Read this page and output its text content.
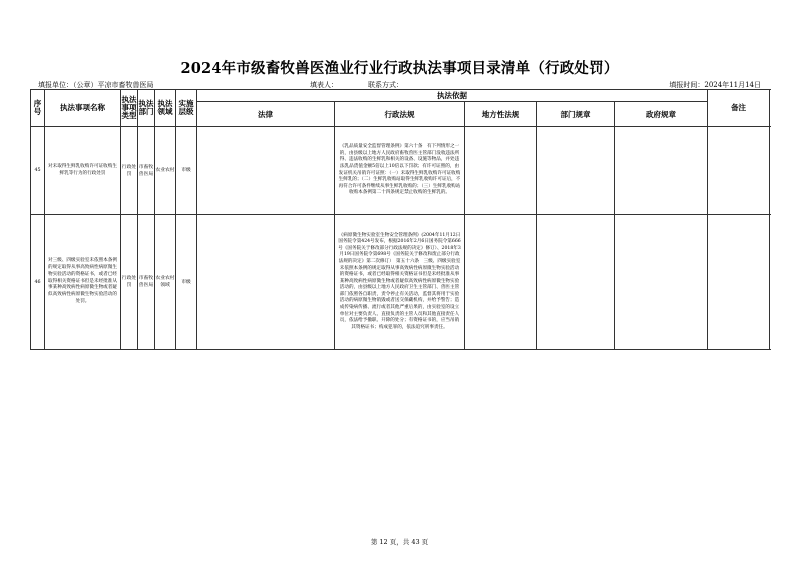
2024年市级畜牧兽医渔业行业行政执法事项目录清单（行政处罚）
填报单位：（公章）平凉市畜牧兽医局	填表人：	联系方式：	填报时间：2024年11月14日
序号	执法事项名称	执法事项类型	执法部门	执法领域	实施层级	执法依据					备注
						法律	行政法规	地方性法规	部门规章	政府规章	
45	对未取得生鲜乳收购许可证收购生鲜乳等行为的行政处罚	行政处罚	市畜牧兽医局	农业农村	市级		《乳品质量安全监督管理条例》第六十条　有下列情形之一的，由县级以上地方人民政府畜牧兽医主管部门没收违法所得、违法收购的生鲜乳和相关的设备、设施等物品，并处违法乳品货值金额5倍以上10倍以下罚款；有许可证照的，由发证机关吊销许可证照：（一）未取得生鲜乳收购许可证收购生鲜乳的；（二）生鲜乳收购站取得生鲜乳收购许可证后，不再符合许可条件继续从事生鲜乳收购的；（三）生鲜乳收购站收购本条例第二十四条规定禁止收购的生鲜乳的。				
46	对三级、四级实验室未依照本条例的规定取得从事高致病性病原微生物实验活动的资格证书，或者已经取得相关资格证书但是未经批准从事某种高致病性病原微生物或者疑似高致病性病原微生物实验活动的处罚。	行政处罚	市畜牧兽医局	农业农村领域	市级		《病原微生物实验室生物安全管理条例》(2004年11月12日国务院令第424号发布，根据2016年2月6日国务院令第666号《国务院关于修改部分行政法规的决定》修订）、2018年3月19日国务院令第698号《国务院关于修改和废止部分行政法规的决定》第二次修订）　第五十六条　三级、四级实验室未依照本条例的规定取得从事高致病性病原微生物实验活动的资格证书，或者已经取得相关资格证书但是未经批准从事某种高致病性病原微生物或者疑似高致病性病原微生物实验活动的，由县级以上地方人民政府卫生主管部门、兽医主管部门依照各自职责，责令停止有关活动，监督其将用于实验活动的病原微生物销毁或者送交保藏机构，并给予警告；造成传染病传播、流行或者其他严重后果的，由实验室的设立单位对主要负责人、直接负责的主管人员和其他直接责任人员，依法给予撤职、开除的处分；有资格证书的，应当吊销其资格证书；构成犯罪的，依法追究刑事责任。				
第 12 页，共 43 页
